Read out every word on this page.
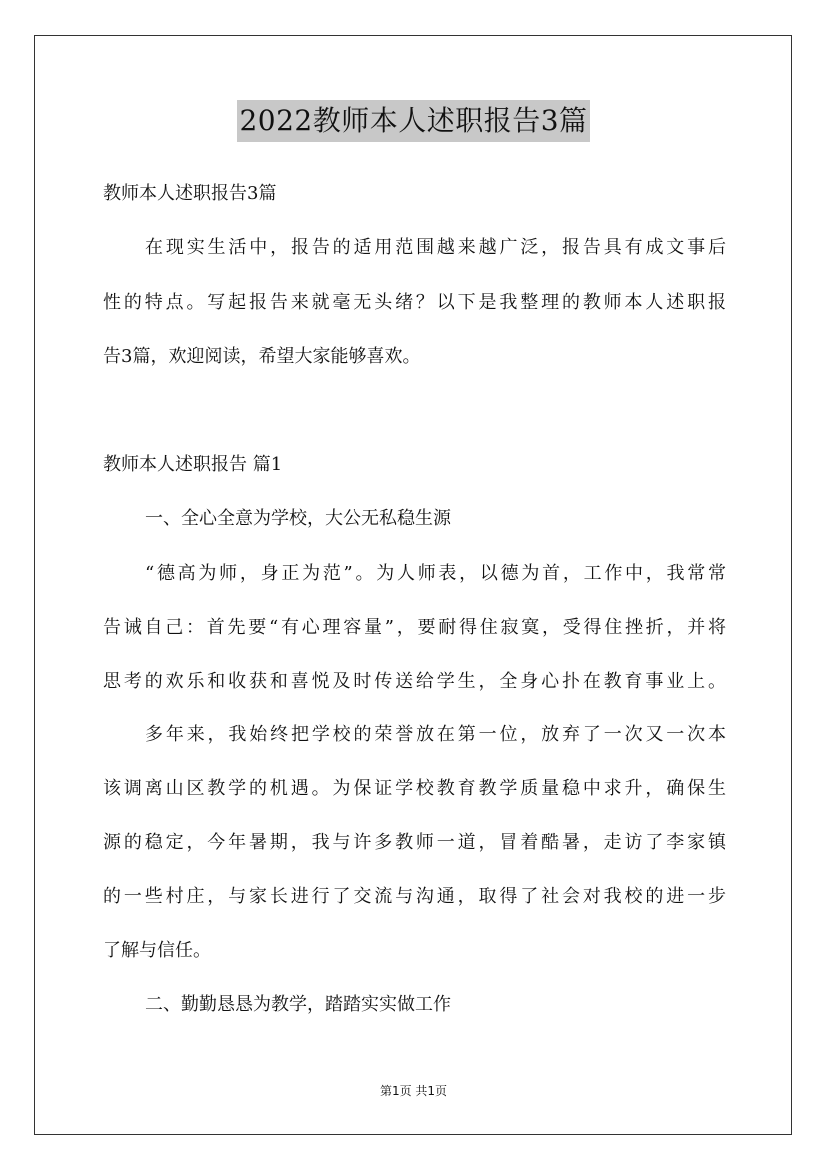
2022教师本人述职报告3篇
教师本人述职报告3篇
在现实生活中，报告的适用范围越来越广泛，报告具有成文事后
性的特点。写起报告来就毫无头绪？以下是我整理的教师本人述职报
告3篇，欢迎阅读，希望大家能够喜欢。
教师本人述职报告 篇1
一、全心全意为学校，大公无私稳生源
“德高为师，身正为范”。为人师表，以德为首，工作中，我常常
告诫自己：首先要“有心理容量”，要耐得住寂寞，受得住挫折，并将
思考的欢乐和收获和喜悦及时传送给学生，全身心扑在教育事业上。
多年来，我始终把学校的荣誉放在第一位，放弃了一次又一次本
该调离山区教学的机遇。为保证学校教育教学质量稳中求升，确保生
源的稳定，今年暑期，我与许多教师一道，冒着酷暑，走访了李家镇
的一些村庄，与家长进行了交流与沟通，取得了社会对我校的进一步
了解与信任。
二、勤勤恳恳为教学，踏踏实实做工作
第1页 共1页
